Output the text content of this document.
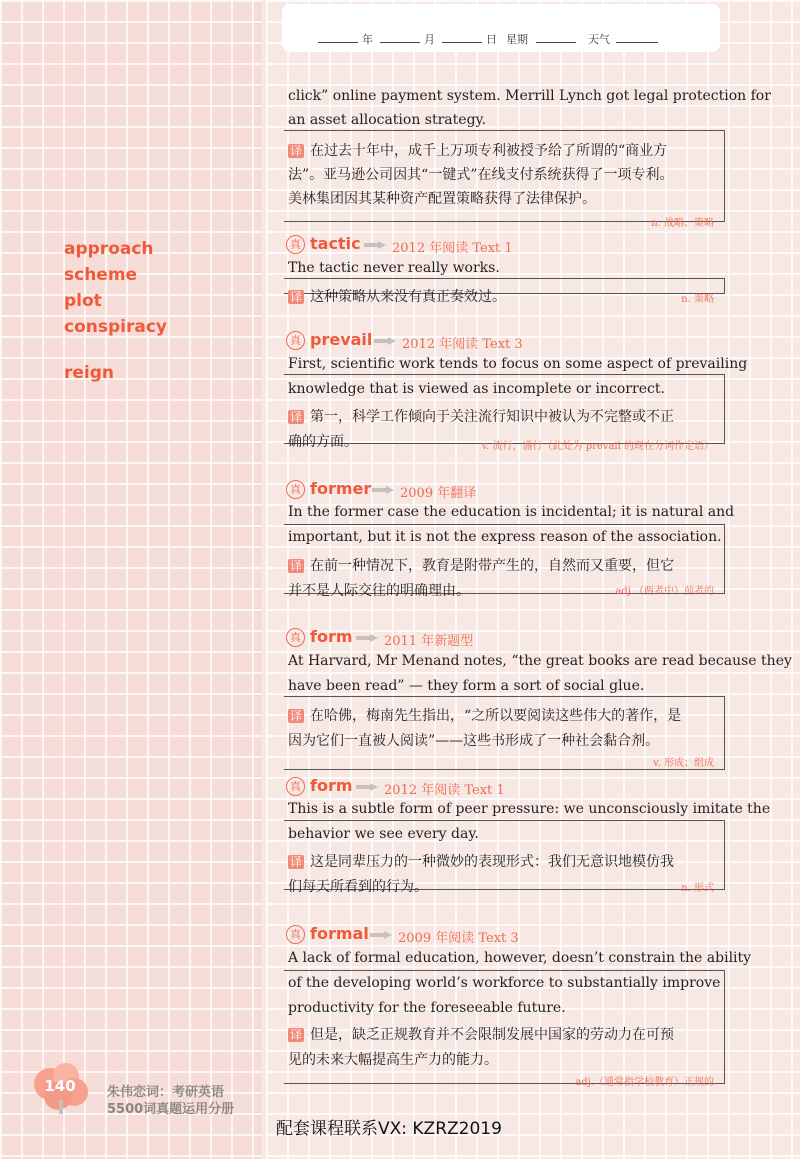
approach
scheme
plot
conspiracy
reign
140	朱伟恋词：考研英语
5500词真题运用分册
年	月	日 星期	天气
click” online payment system. Merrill Lynch got legal protection for
an asset allocation strategy.
译 在过去十年中，成千上万项专利被授予给了所谓的“商业方
法”。亚马逊公司因其“一键式”在线支付系统获得了一项专利。
美林集团因其某种资产配置策略获得了法律保护。
n. 战略、策略
真 tactic 2012 年阅读 Text 1
The tactic never really works.
译 这种策略从来没有真正奏效过。	n. 策略
真 prevail 2012 年阅读 Text 3
First, scientific work tends to focus on some aspect of prevailing
knowledge that is viewed as incomplete or incorrect.
译 第一，科学工作倾向于关注流行知识中被认为不完整或不正
确的方面。	v. 流行，盛行（此处为 prevail 的现在分词作定语）
真 former 2009 年翻译
In the former case the education is incidental; it is natural and
important, but it is not the express reason of the association.
译 在前一种情况下，教育是附带产生的，自然而又重要，但它
并不是人际交往的明确理由。	adj.（两者中）前者的
真 form 2011 年新题型
At Harvard, Mr Menand notes, “the great books are read because they
have been read” — they form a sort of social glue.
译 在哈佛，梅南先生指出，“之所以要阅读这些伟大的著作，是
因为它们一直被人阅读”——这些书形成了一种社会黏合剂。
v. 形成；组成
真 form 2012 年阅读 Text 1
This is a subtle form of peer pressure: we unconsciously imitate the
behavior we see every day.
译 这是同辈压力的一种微妙的表现形式：我们无意识地模仿我
们每天所看到的行为。	n. 形式
真 formal 2009 年阅读 Text 3
A lack of formal education, however, doesn’t constrain the ability
of the developing world’s workforce to substantially improve
productivity for the foreseeable future.
译 但是，缺乏正规教育并不会限制发展中国家的劳动力在可预
见的未来大幅提高生产力的能力。
adj.（通常指学校教育）正规的
配套课程联系VX: KZRZ2019
